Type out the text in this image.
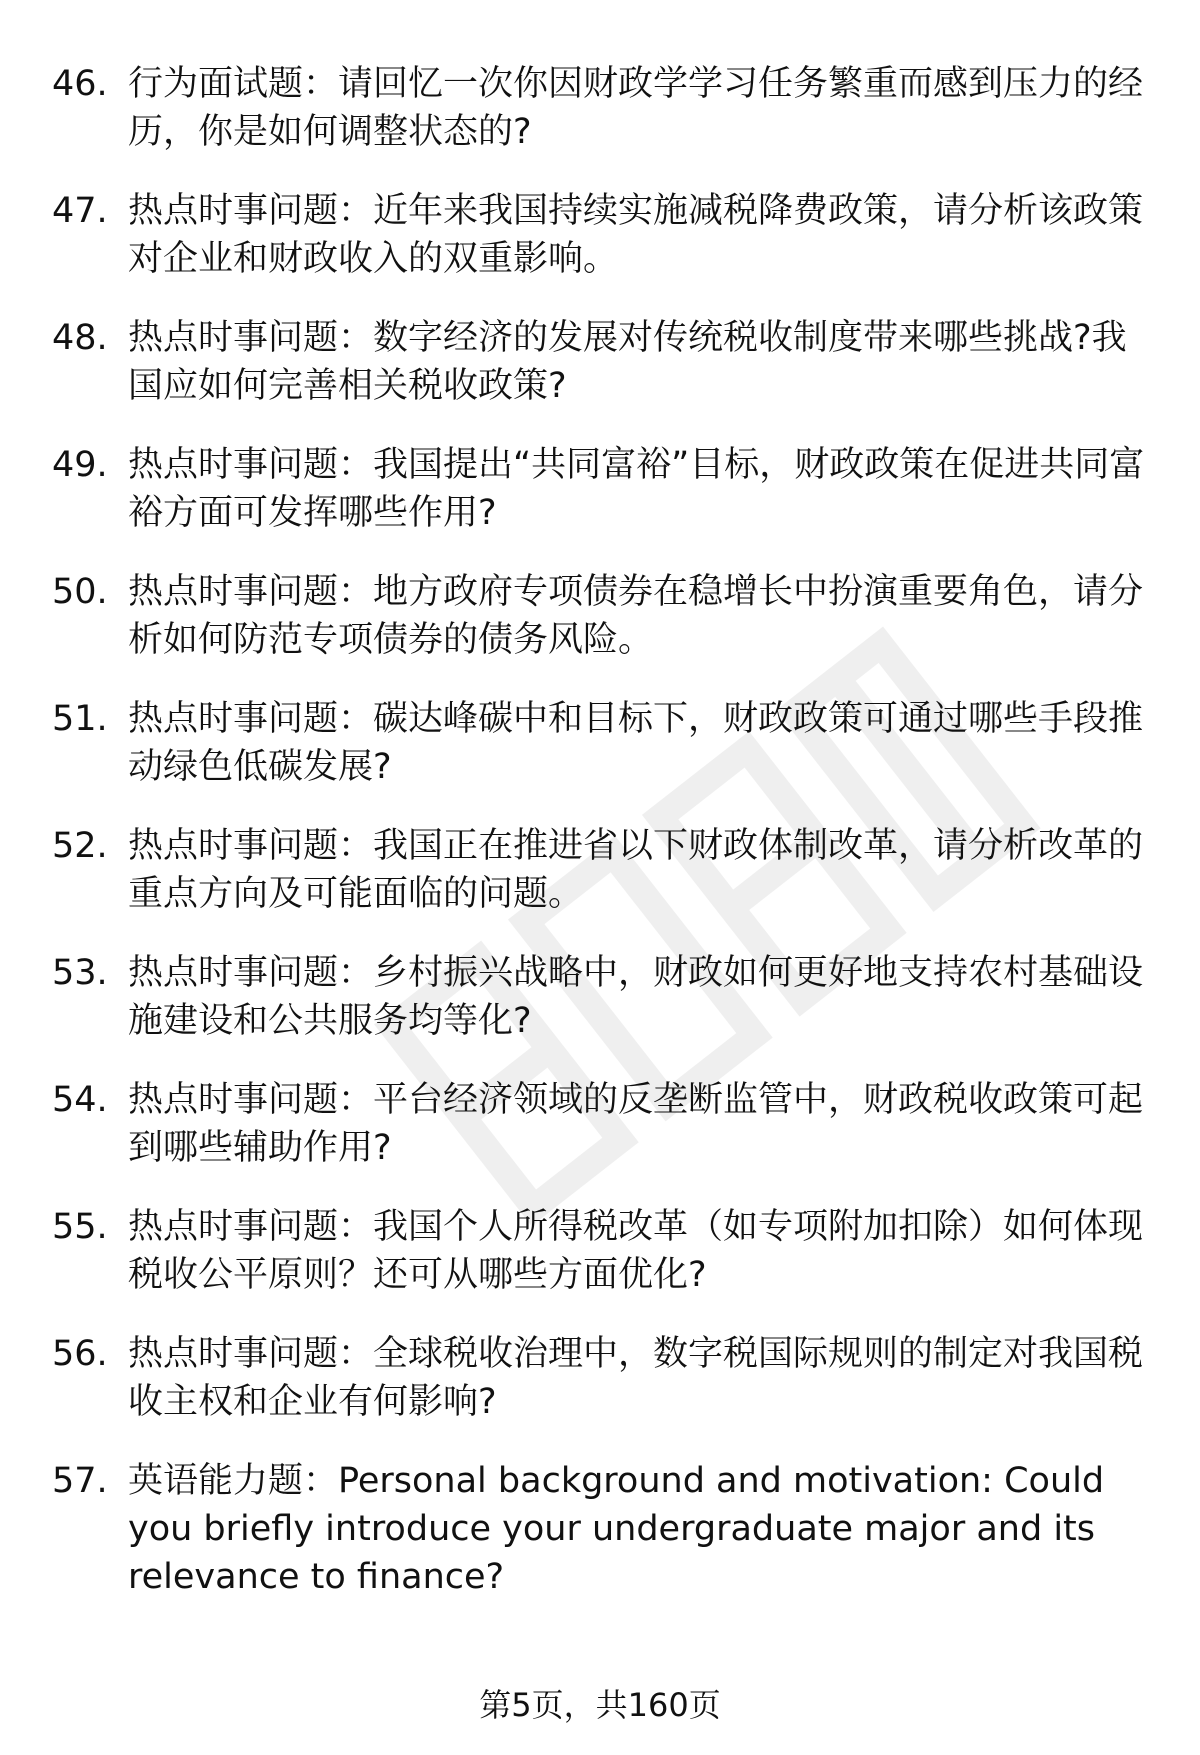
46. 行为面试题：请回忆一次你因财政学学习任务繁重而感到压力的经历，你是如何调整状态的?
47. 热点时事问题：近年来我国持续实施减税降费政策，请分析该政策对企业和财政收入的双重影响。
48. 热点时事问题：数字经济的发展对传统税收制度带来哪些挑战?我国应如何完善相关税收政策?
49. 热点时事问题：我国提出“共同富裕”目标，财政政策在促进共同富裕方面可发挥哪些作用?
50. 热点时事问题：地方政府专项债券在稳增长中扮演重要角色，请分析如何防范专项债券的债务风险。
51. 热点时事问题：碳达峰碳中和目标下，财政政策可通过哪些手段推动绿色低碳发展?
52. 热点时事问题：我国正在推进省以下财政体制改革，请分析改革的重点方向及可能面临的问题。
53. 热点时事问题：乡村振兴战略中，财政如何更好地支持农村基础设施建设和公共服务均等化?
54. 热点时事问题：平台经济领域的反垄断监管中，财政税收政策可起到哪些辅助作用?
55. 热点时事问题：我国个人所得税改革（如专项附加扣除）如何体现税收公平原则？还可从哪些方面优化?
56. 热点时事问题：全球税收治理中，数字税国际规则的制定对我国税收主权和企业有何影响?
57. 英语能力题：Personal background and motivation: Could you briefly introduce your undergraduate major and its relevance to finance?
第5页，共160页
